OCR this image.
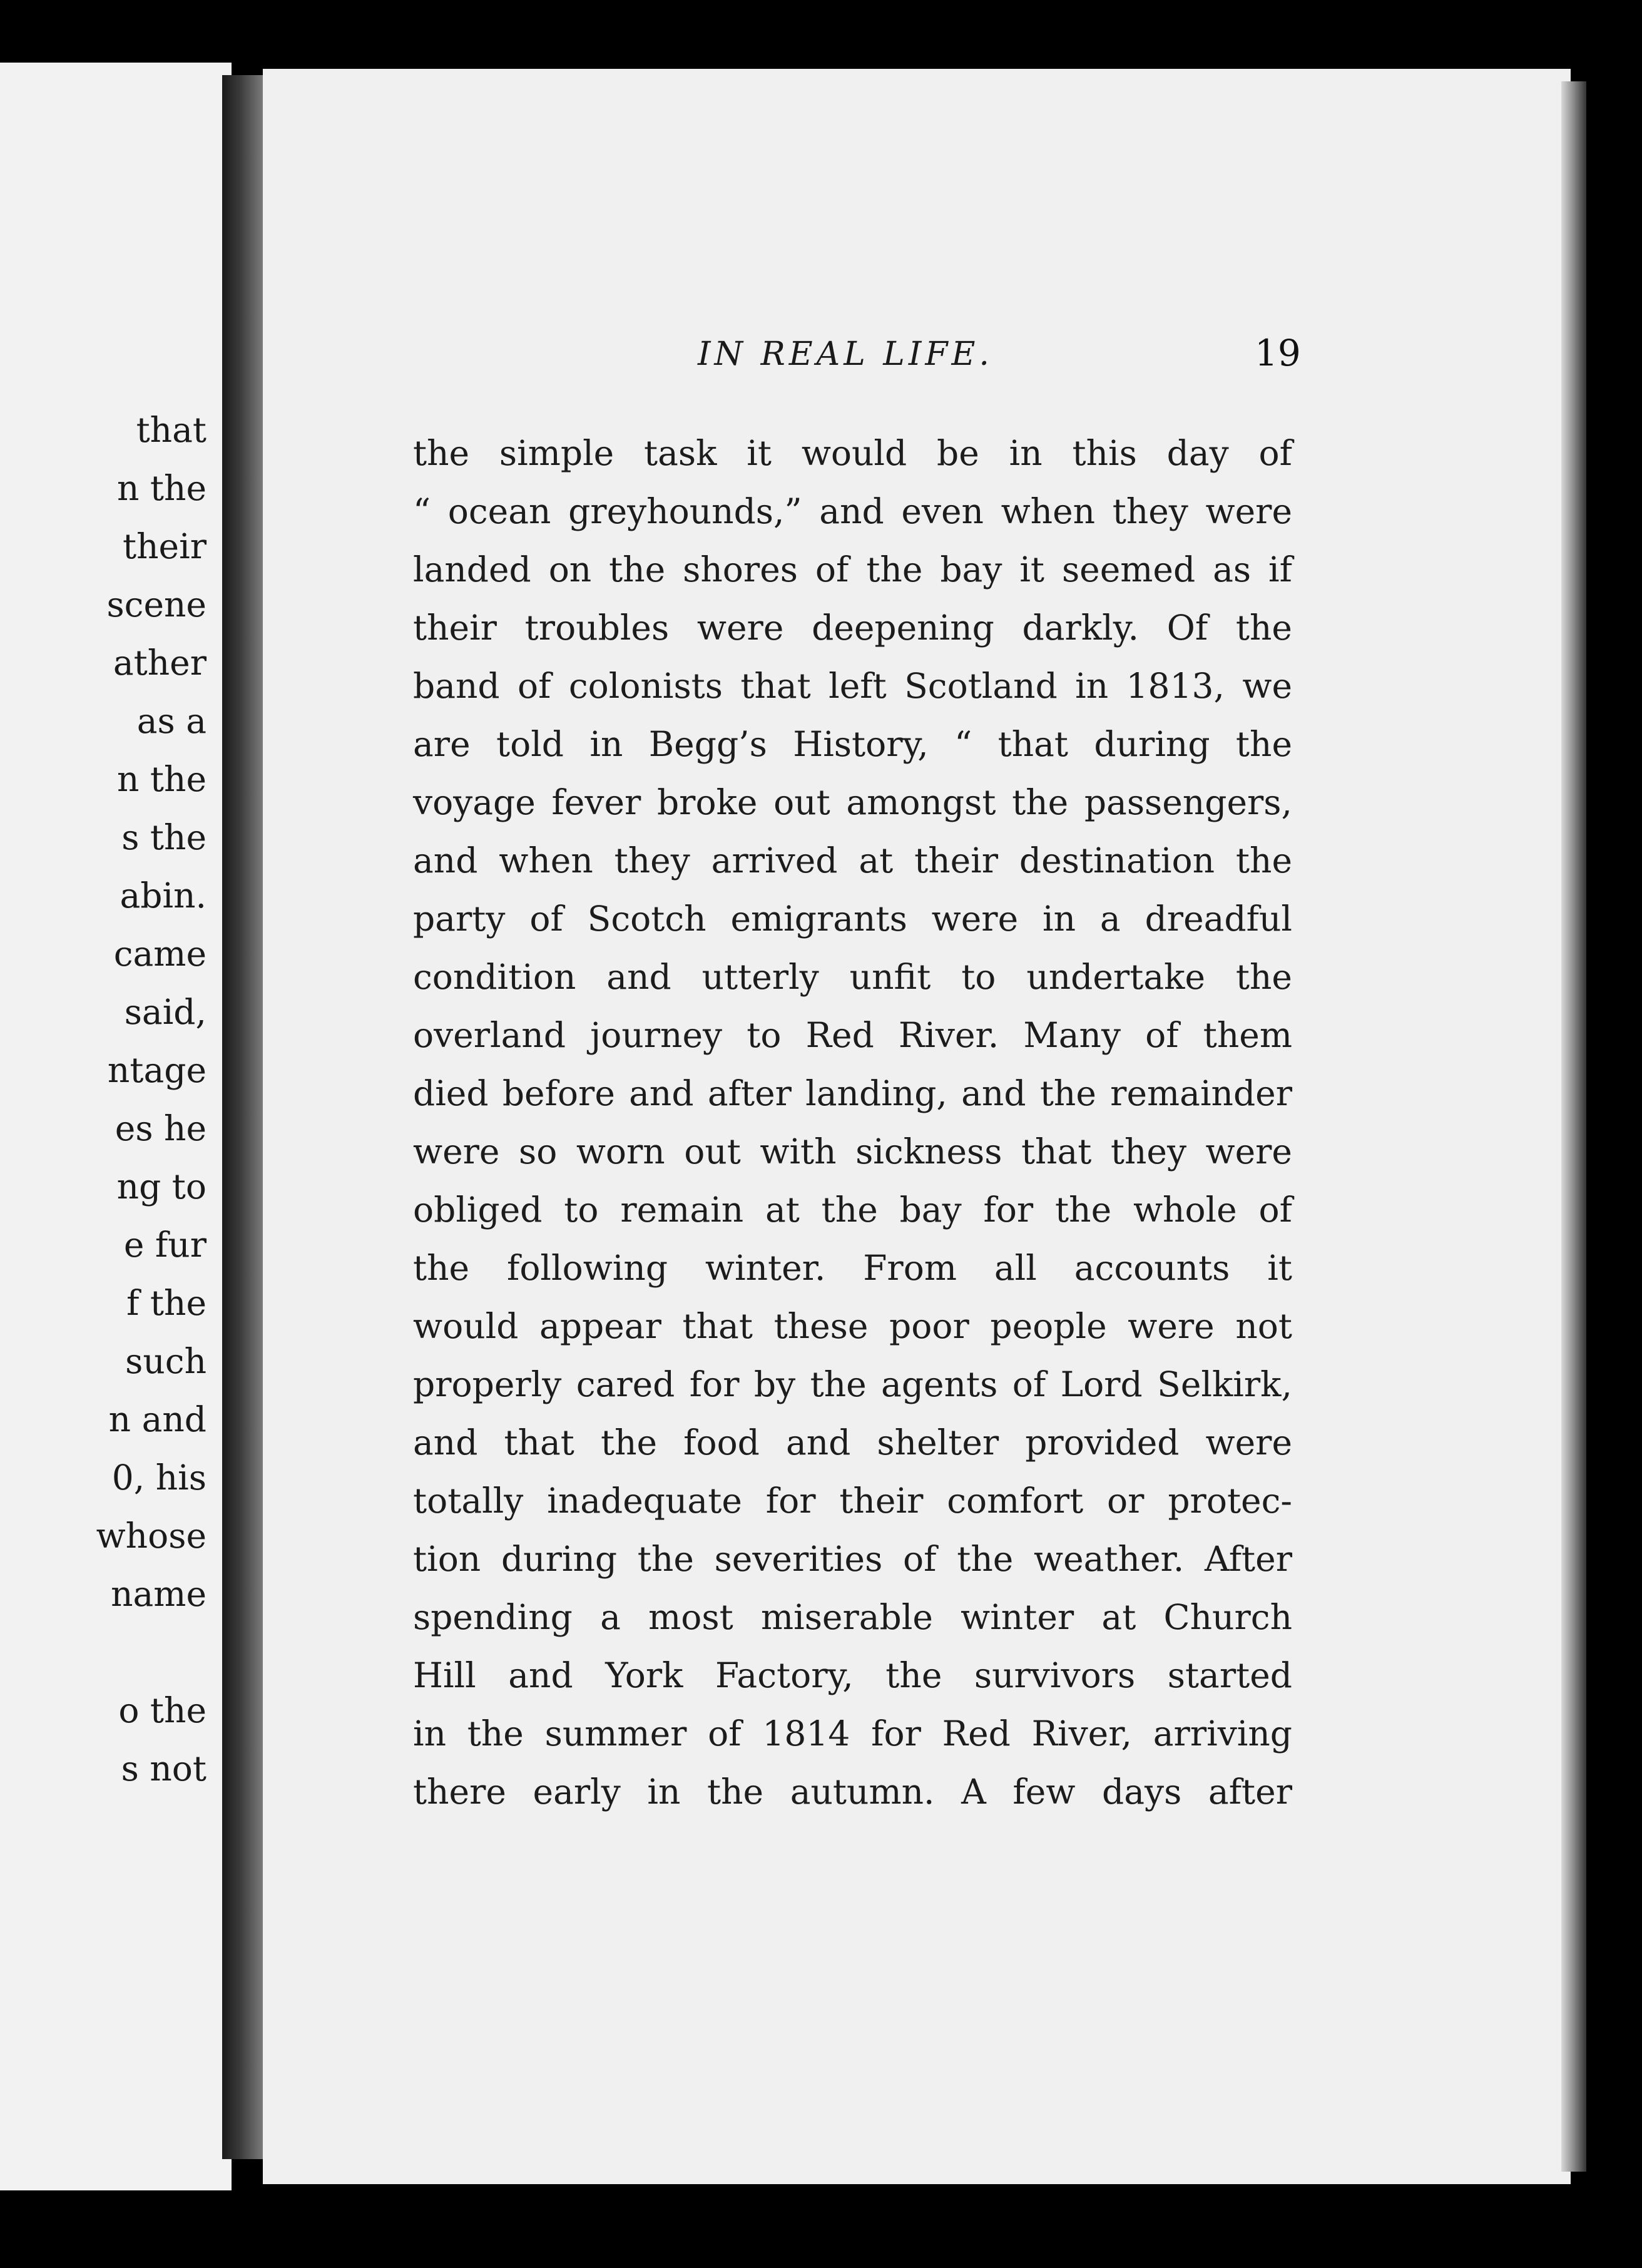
that
n the
their
scene
ather
as a
n the
s the
abin.
came
said,
ntage
es he
ng to
e fur
f the
such
n and
0, his
whose
name
o the
s not
IN REAL LIFE.	19
the simple task it would be in this day of
“ ocean greyhounds,” and even when they were
landed on the shores of the bay it seemed as if
their troubles were deepening darkly. Of the
band of colonists that left Scotland in 1813, we
are told in Begg’s History, “ that during the
voyage fever broke out amongst the passengers,
and when they arrived at their destination the
party of Scotch emigrants were in a dreadful
condition and utterly unfit to undertake the
overland journey to Red River. Many of them
died before and after landing, and the remainder
were so worn out with sickness that they were
obliged to remain at the bay for the whole of
the following winter. From all accounts it
would appear that these poor people were not
properly cared for by the agents of Lord Selkirk,
and that the food and shelter provided were
totally inadequate for their comfort or protec-
tion during the severities of the weather. After
spending a most miserable winter at Church
Hill and York Factory, the survivors started
in the summer of 1814 for Red River, arriving
there early in the autumn. A few days after
